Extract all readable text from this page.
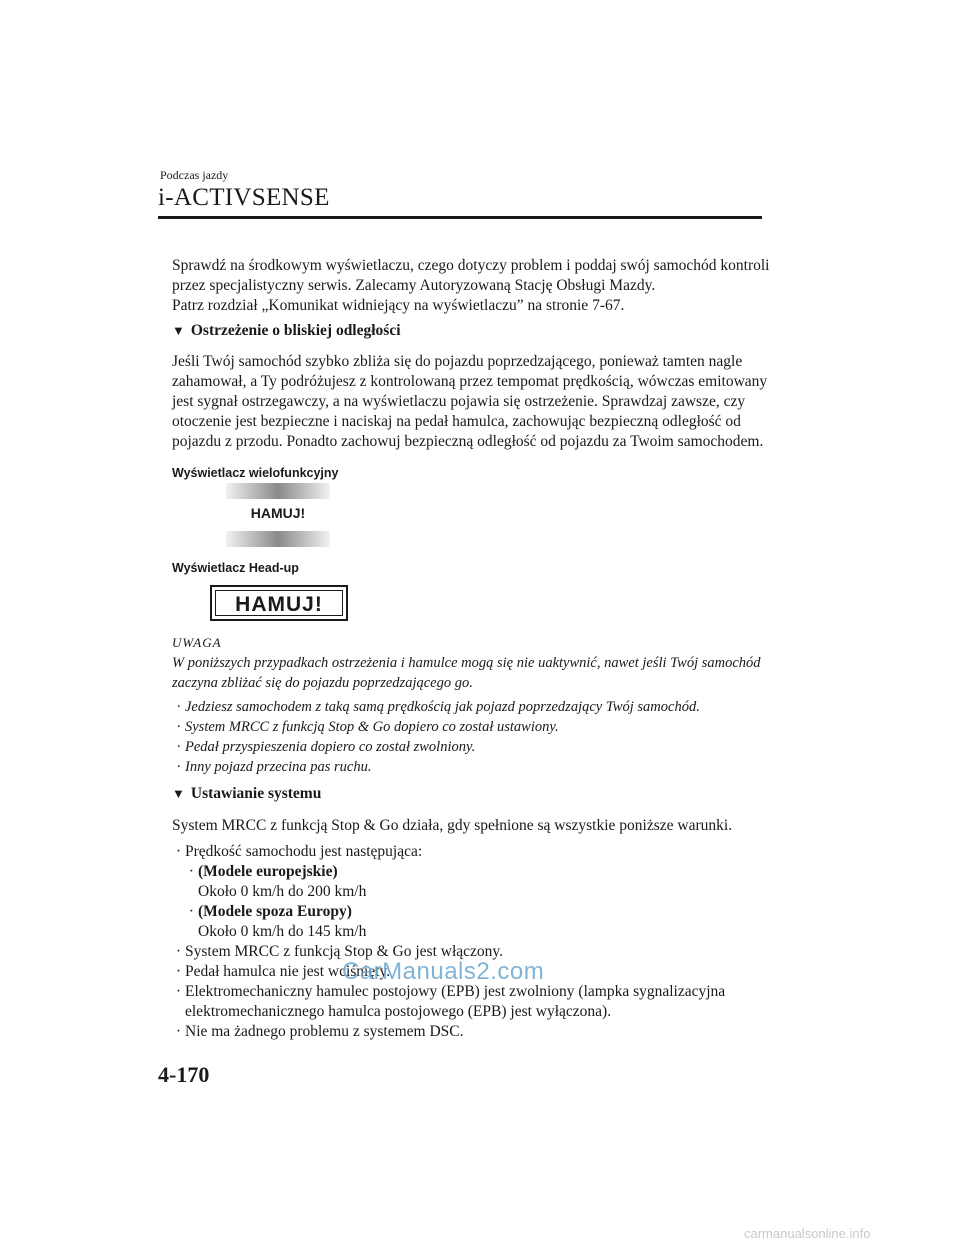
Podczas jazdy
i-ACTIVSENSE
Sprawdź na środkowym wyświetlaczu, czego dotyczy problem i poddaj swój samochód kontroli przez specjalistyczny serwis. Zalecamy Autoryzowaną Stację Obsługi Mazdy.
Patrz rozdział „Komunikat widniejący na wyświetlaczu” na stronie 7-67.
▼ Ostrzeżenie o bliskiej odległości
Jeśli Twój samochód szybko zbliża się do pojazdu poprzedzającego, ponieważ tamten nagle zahamował, a Ty podróżujesz z kontrolowaną przez tempomat prędkością, wówczas emitowany jest sygnał ostrzegawczy, a na wyświetlaczu pojawia się ostrzeżenie. Sprawdzaj zawsze, czy otoczenie jest bezpieczne i naciskaj na pedał hamulca, zachowując bezpieczną odległość od pojazdu z przodu. Ponadto zachowuj bezpieczną odległość od pojazdu za Twoim samochodem.
Wyświetlacz wielofunkcyjny
HAMUJ!
Wyświetlacz Head-up
HAMUJ!
UWAGA
W poniższych przypadkach ostrzeżenia i hamulce mogą się nie uaktywnić, nawet jeśli Twój samochód zaczyna zbliżać się do pojazdu poprzedzającego go.
· Jedziesz samochodem z taką samą prędkością jak pojazd poprzedzający Twój samochód.
· System MRCC z funkcją Stop & Go dopiero co został ustawiony.
· Pedał przyspieszenia dopiero co został zwolniony.
· Inny pojazd przecina pas ruchu.
▼ Ustawianie systemu
System MRCC z funkcją Stop & Go działa, gdy spełnione są wszystkie poniższe warunki.
· Prędkość samochodu jest następująca:
· (Modele europejskie)
Około 0 km/h do 200 km/h
· (Modele spoza Europy)
Około 0 km/h do 145 km/h
· System MRCC z funkcją Stop & Go jest włączony.
· Pedał hamulca nie jest wciśnięty.
· Elektromechaniczny hamulec postojowy (EPB) jest zwolniony (lampka sygnalizacyjna elektromechanicznego hamulca postojowego (EPB) jest wyłączona).
· Nie ma żadnego problemu z systemem DSC.
CarManuals2.com
4-170
carmanualsonline.info
